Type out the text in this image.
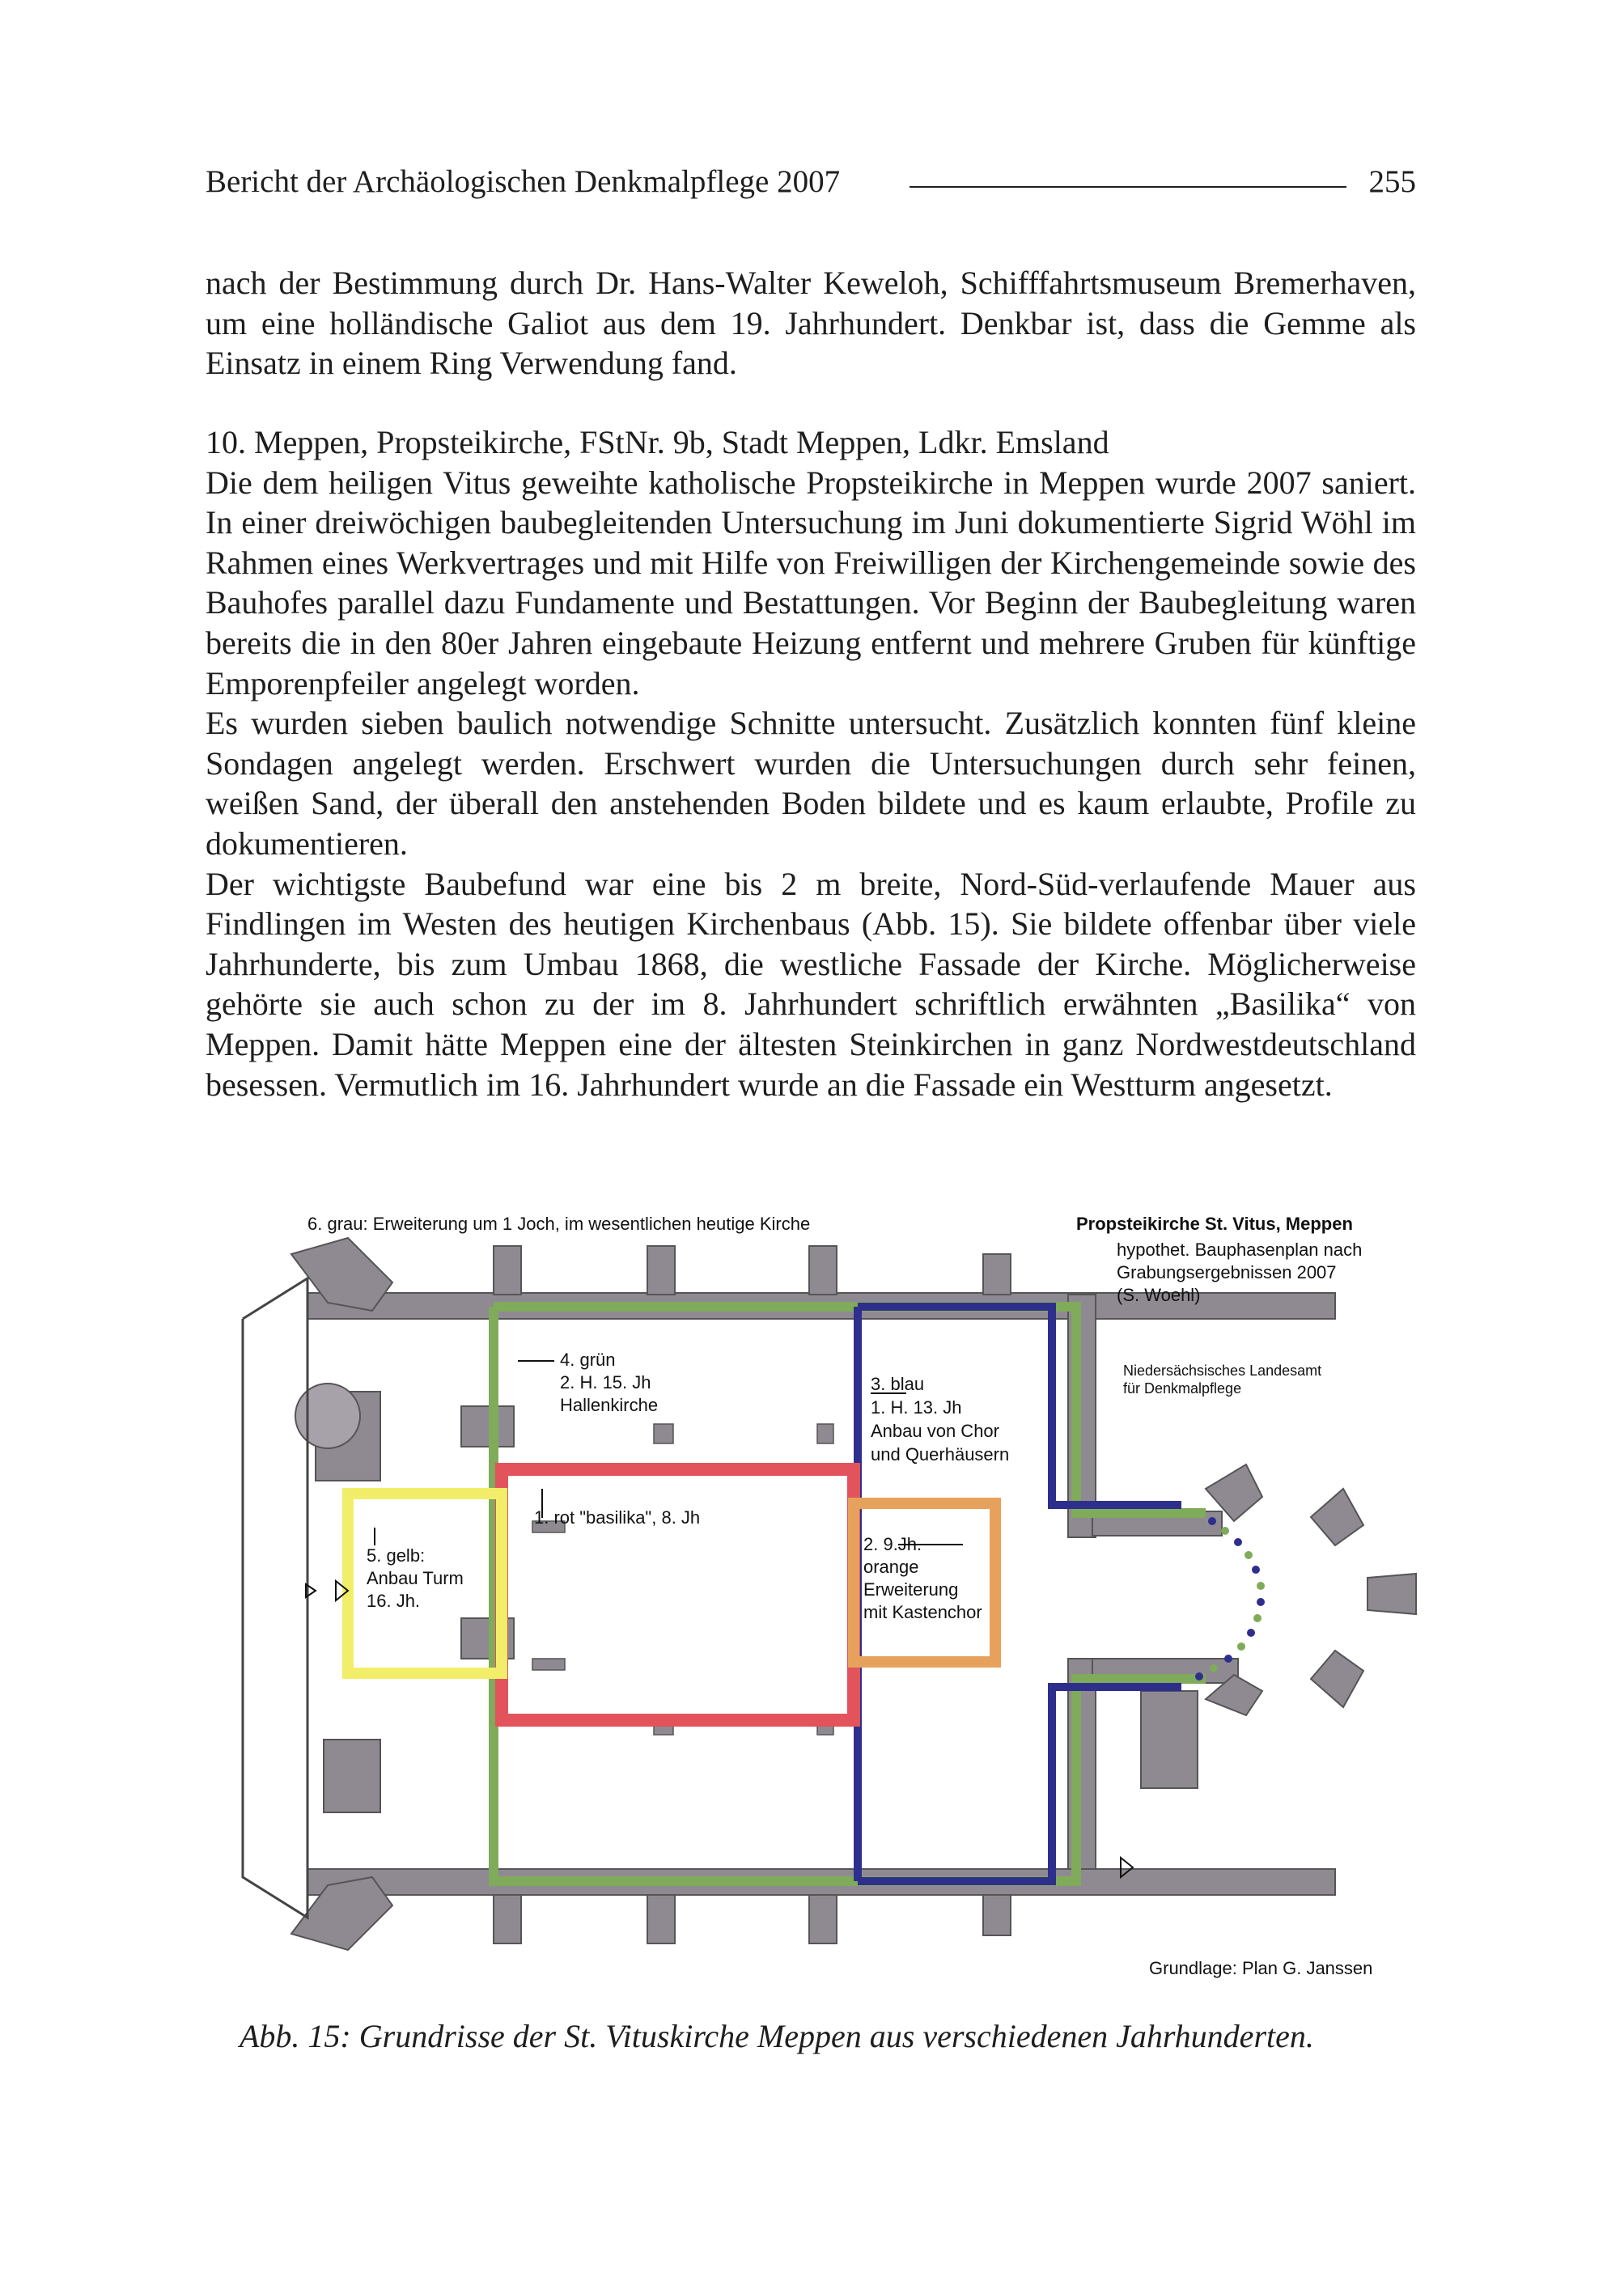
Bericht der Archäologischen Denkmalpflege 2007	255

nach der Bestimmung durch Dr. Hans-Walter Keweloh, Schifffahrtsmuseum Bremerhaven, um eine holländische Galiot aus dem 19. Jahrhundert. Denkbar ist, dass die Gemme als Einsatz in einem Ring Verwendung fand.

10. Meppen, Propsteikirche, FStNr. 9b, Stadt Meppen, Ldkr. Emsland

Die dem heiligen Vitus geweihte katholische Propsteikirche in Meppen wurde 2007 saniert. In einer dreiwöchigen baubegleitenden Untersuchung im Juni dokumentierte Sigrid Wöhl im Rahmen eines Werkvertrages und mit Hilfe von Freiwilligen der Kirchengemeinde sowie des Bauhofes parallel dazu Fundamente und Bestattungen. Vor Beginn der Baubegleitung waren bereits die in den 80er Jahren eingebaute Heizung entfernt und mehrere Gruben für künftige Emporenpfeiler angelegt worden.

Es wurden sieben baulich notwendige Schnitte untersucht. Zusätzlich konnten fünf kleine Sondagen angelegt werden. Erschwert wurden die Untersuchungen durch sehr feinen, weißen Sand, der überall den anstehenden Boden bildete und es kaum erlaubte, Profile zu dokumentieren.

Der wichtigste Baubefund war eine bis 2 m breite, Nord-Süd-verlaufende Mauer aus Findlingen im Westen des heutigen Kirchenbaus (Abb. 15). Sie bildete offenbar über viele Jahrhunderte, bis zum Umbau 1868, die westliche Fassade der Kirche. Möglicherweise gehörte sie auch schon zu der im 8. Jahrhundert schriftlich erwähnten „Basilika“ von Meppen. Damit hätte Meppen eine der ältesten Steinkirchen in ganz Nordwestdeutschland besessen. Vermutlich im 16. Jahrhundert wurde an die Fassade ein Westturm angesetzt.

6. grau: Erweiterung um 1 Joch, im wesentlichen heutige Kirche	Propsteikirche St. Vitus, Meppen
hypothet. Bauphasenplan nach
Grabungsergebnissen 2007
(S. Woehl)
Niedersächsisches Landesamt
für Denkmalpflege
4. grün
2. H. 15. Jh
Hallenkirche
3. blau
1. H. 13. Jh
Anbau von Chor
und Querhäusern
1. rot "basilika", 8. Jh
2. 9.Jh.
orange
Erweiterung
mit Kastenchor
5. gelb:
Anbau Turm
16. Jh.
Grundlage: Plan G. Janssen
Abb. 15: Grundrisse der St. Vituskirche Meppen aus verschiedenen Jahrhunderten.
